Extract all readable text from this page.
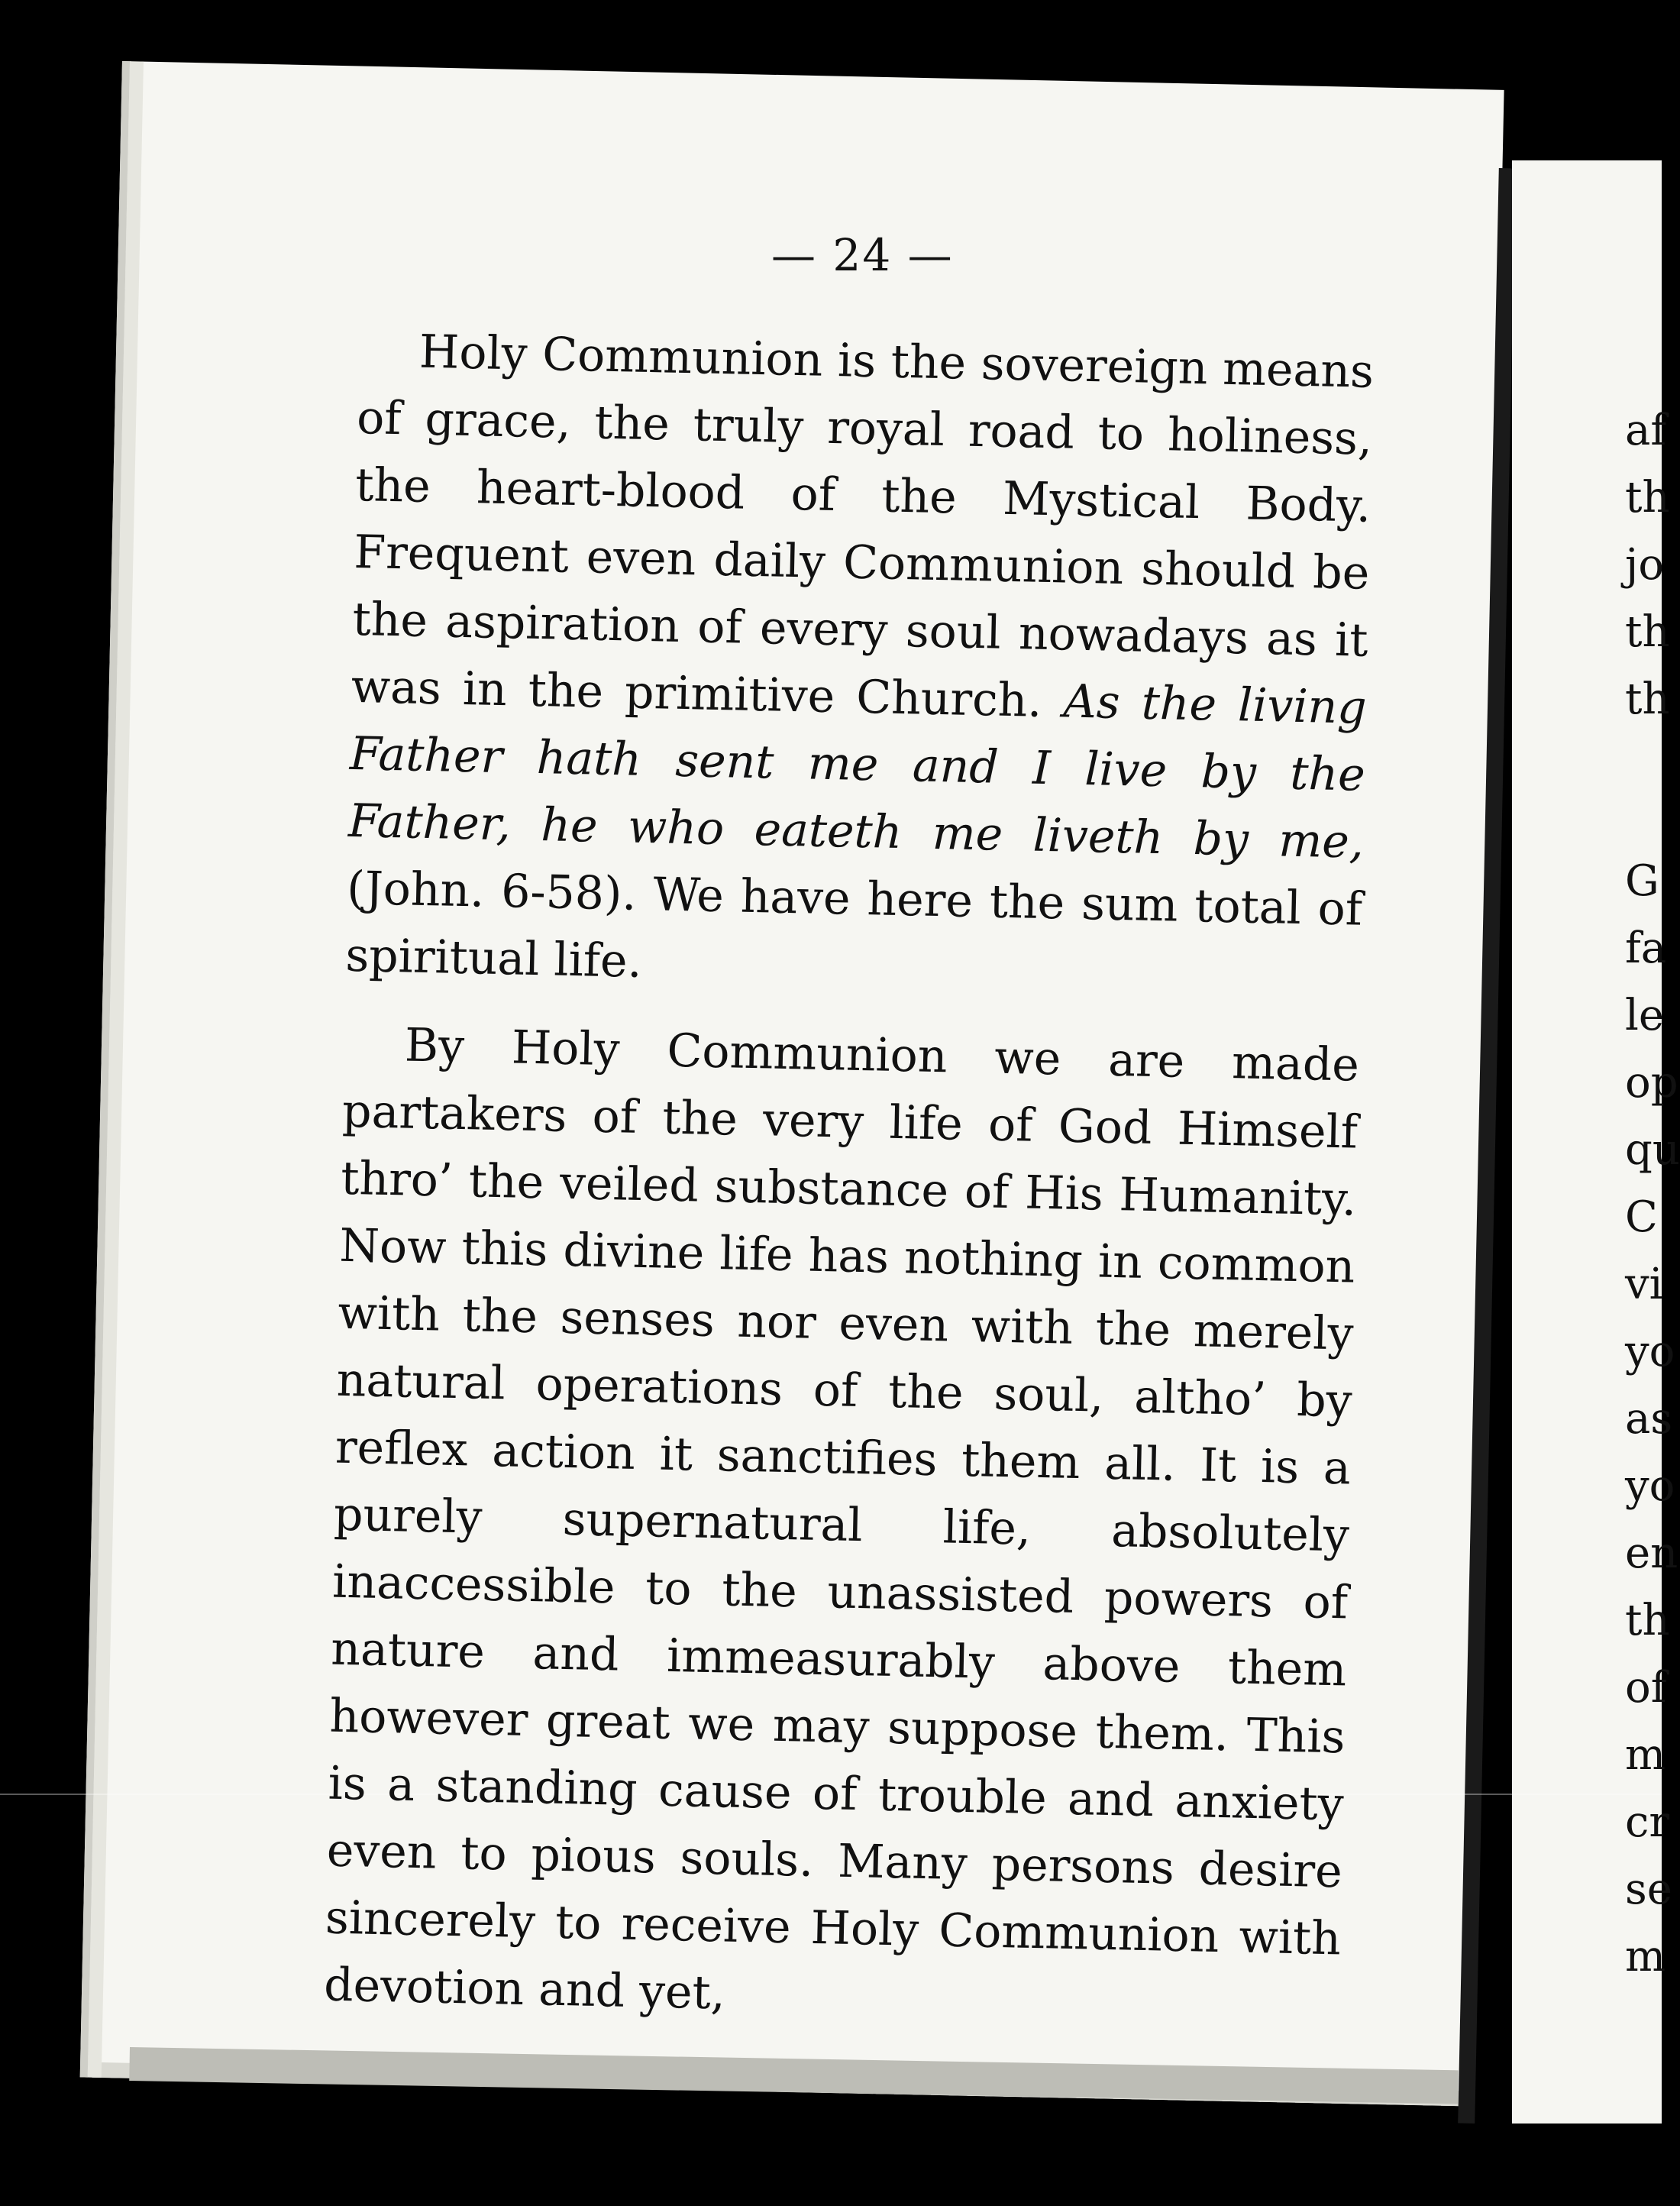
— 24 —

Holy Communion is the sovereign means of grace, the truly royal road to holiness, the heart-blood of the Mystical Body. Frequent even daily Communion should be the aspiration of every soul nowadays as it was in the primitive Church. As the living Father hath sent me and I live by the Father, he who eateth me liveth by me, (John. 6-58). We have here the sum total of spiritual life.

By Holy Communion we are made partakers of the very life of God Himself thro’ the veiled substance of His Humanity. Now this divine life has nothing in common with the senses nor even with the merely natural operations of the soul, altho’ by reflex action it sanctifies them all. It is a purely supernatural life, absolutely inaccessible to the unassisted powers of nature and immeasurably above them however great we may suppose them. This is a standing cause of trouble and anxiety even to pious souls. Many persons desire sincerely to receive Holy Communion with devotion and yet,

af
th
jo
th
th
G
fa
le
op
qu
C
vi
yo
as
yo
en
th
of
m
cr
se
m
